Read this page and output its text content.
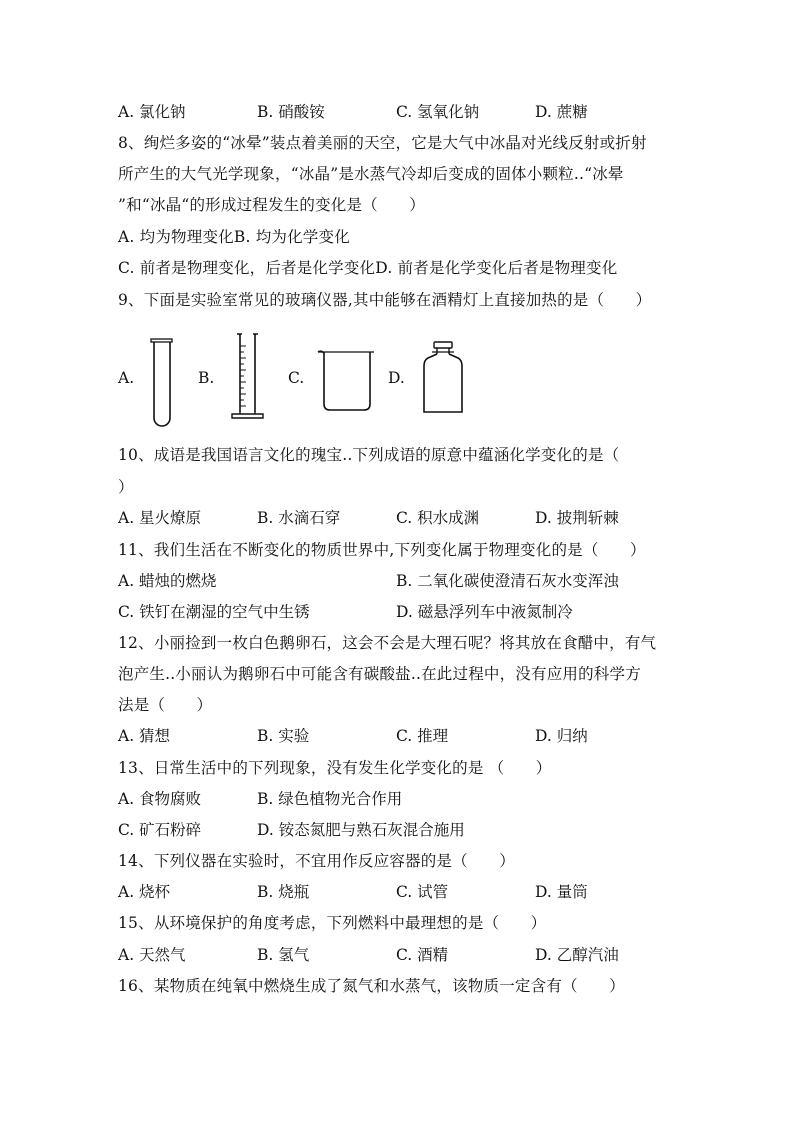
A. 氯化钠	B. 硝酸铵	C. 氢氧化钠	D. 蔗糖
8、绚烂多姿的“冰晕”装点着美丽的天空，它是大气中冰晶对光线反射或折射
所产生的大气光学现象，“冰晶”是水蒸气冷却后变成的固体小颗粒..“冰晕
”和“冰晶“的形成过程发生的变化是（　　）
A. 均为物理变化B. 均为化学变化
C. 前者是物理变化，后者是化学变化D. 前者是化学变化后者是物理变化
9、下面是实验室常见的玻璃仪器,其中能够在酒精灯上直接加热的是（　　）
A.	B.	C.	D.
10、成语是我国语言文化的瑰宝..下列成语的原意中蕴涵化学变化的是（
）
A. 星火燎原	B. 水滴石穿	C. 积水成渊	D. 披荆斩棘
11、我们生活在不断变化的物质世界中,下列变化属于物理变化的是（　　）
A. 蜡烛的燃烧	B. 二氧化碳使澄清石灰水变浑浊
C. 铁钉在潮湿的空气中生锈	D. 磁悬浮列车中液氮制冷
12、小丽捡到一枚白色鹅卵石，这会不会是大理石呢？将其放在食醋中，有气
泡产生..小丽认为鹅卵石中可能含有碳酸盐..在此过程中，没有应用的科学方
法是（　　）
A. 猜想	B. 实验	C. 推理	D. 归纳
13、日常生活中的下列现象，没有发生化学变化的是 （　　）
A. 食物腐败	B. 绿色植物光合作用
C. 矿石粉碎	D. 铵态氮肥与熟石灰混合施用
14、下列仪器在实验时，不宜用作反应容器的是（　　）
A. 烧杯	B. 烧瓶	C. 试管	D. 量筒
15、从环境保护的角度考虑，下列燃料中最理想的是（　　）
A. 天然气	B. 氢气	C. 酒精	D. 乙醇汽油
16、某物质在纯氧中燃烧生成了氮气和水蒸气，该物质一定含有（　　）
